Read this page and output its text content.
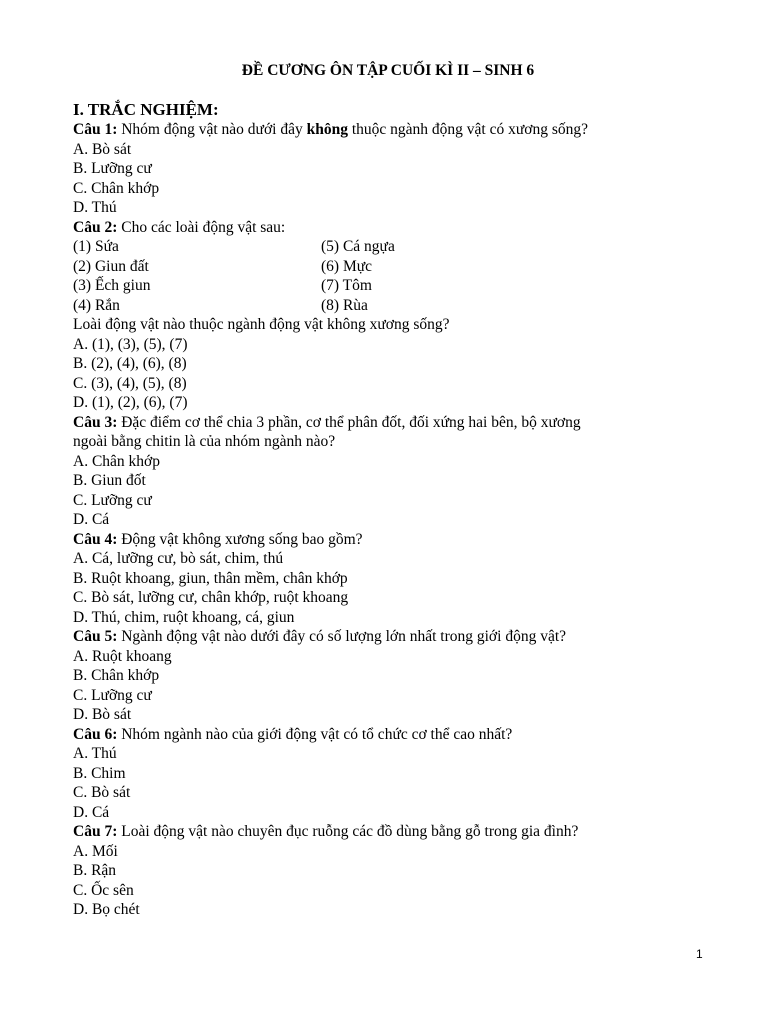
ĐỀ CƯƠNG ÔN TẬP CUỐI KÌ II – SINH 6
I. TRẮC NGHIỆM:
Câu 1: Nhóm động vật nào dưới đây không thuộc ngành động vật có xương sống?
A. Bò sát
B. Lưỡng cư
C. Chân khớp
D. Thú
Câu 2: Cho các loài động vật sau:
(1) Sứa	(5) Cá ngựa
(2) Giun đất	(6) Mực
(3) Ếch giun	(7) Tôm
(4) Rắn	(8) Rùa
Loài động vật nào thuộc ngành động vật không xương sống?
A. (1), (3), (5), (7)
B. (2), (4), (6), (8)
C. (3), (4), (5), (8)
D. (1), (2), (6), (7)
Câu 3: Đặc điểm cơ thể chia 3 phần, cơ thể phân đốt, đối xứng hai bên, bộ xương
ngoài bằng chitin là của nhóm ngành nào?
A. Chân khớp
B. Giun đốt
C. Lưỡng cư
D. Cá
Câu 4: Động vật không xương sống bao gồm?
A. Cá, lưỡng cư, bò sát, chim, thú
B. Ruột khoang, giun, thân mềm, chân khớp
C. Bò sát, lưỡng cư, chân khớp, ruột khoang
D. Thú, chim, ruột khoang, cá, giun
Câu 5: Ngành động vật nào dưới đây có số lượng lớn nhất trong giới động vật?
A. Ruột khoang
B. Chân khớp
C. Lưỡng cư
D. Bò sát
Câu 6: Nhóm ngành nào của giới động vật có tổ chức cơ thể cao nhất?
A. Thú
B. Chim
C. Bò sát
D. Cá
Câu 7: Loài động vật nào chuyên đục ruỗng các đồ dùng bằng gỗ trong gia đình?
A. Mối
B. Rận
C. Ốc sên
D. Bọ chét
1
